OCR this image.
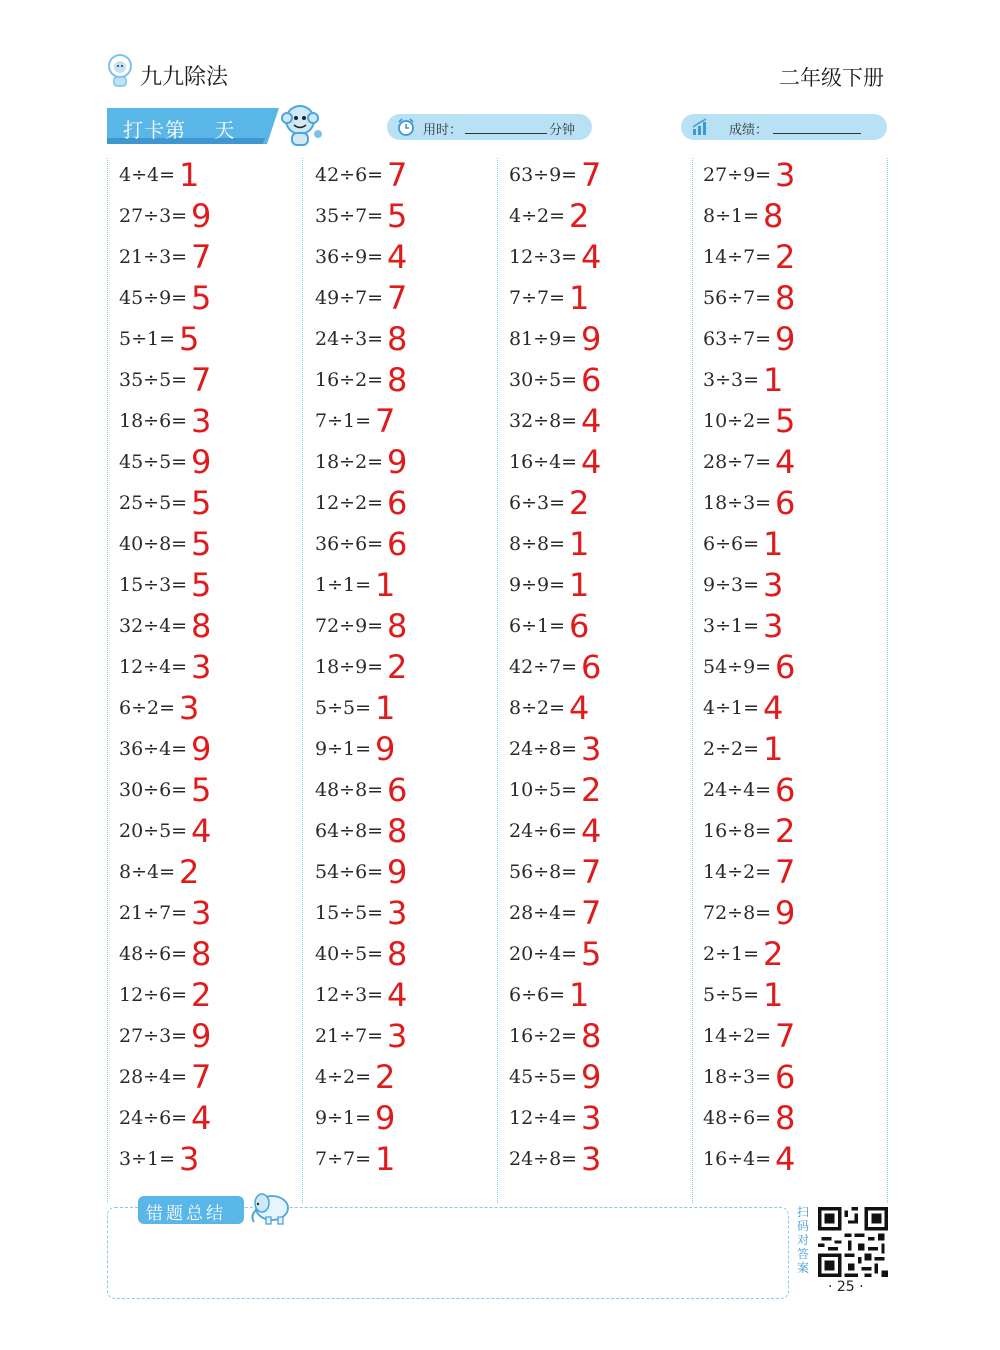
九九除法	二年级下册
打卡第　 天	用时：	分钟	成绩：
4÷4= 1
27÷3= 9
21÷3= 7
45÷9= 5
5÷1= 5
35÷5= 7
18÷6= 3
45÷5= 9
25÷5= 5
40÷8= 5
15÷3= 5
32÷4= 8
12÷4= 3
6÷2= 3
36÷4= 9
30÷6= 5
20÷5= 4
8÷4= 2
21÷7= 3
48÷6= 8
12÷6= 2
27÷3= 9
28÷4= 7
24÷6= 4
3÷1= 3
42÷6= 7
35÷7= 5
36÷9= 4
49÷7= 7
24÷3= 8
16÷2= 8
7÷1= 7
18÷2= 9
12÷2= 6
36÷6= 6
1÷1= 1
72÷9= 8
18÷9= 2
5÷5= 1
9÷1= 9
48÷8= 6
64÷8= 8
54÷6= 9
15÷5= 3
40÷5= 8
12÷3= 4
21÷7= 3
4÷2= 2
9÷1= 9
7÷7= 1
63÷9= 7
4÷2= 2
12÷3= 4
7÷7= 1
81÷9= 9
30÷5= 6
32÷8= 4
16÷4= 4
6÷3= 2
8÷8= 1
9÷9= 1
6÷1= 6
42÷7= 6
8÷2= 4
24÷8= 3
10÷5= 2
24÷6= 4
56÷8= 7
28÷4= 7
20÷4= 5
6÷6= 1
16÷2= 8
45÷5= 9
12÷4= 3
24÷8= 3
27÷9= 3
8÷1= 8
14÷7= 2
56÷7= 8
63÷7= 9
3÷3= 1
10÷2= 5
28÷7= 4
18÷3= 6
6÷6= 1
9÷3= 3
3÷1= 3
54÷9= 6
4÷1= 4
2÷2= 1
24÷4= 6
16÷8= 2
14÷2= 7
72÷8= 9
2÷1= 2
5÷5= 1
14÷2= 7
18÷3= 6
48÷6= 8
16÷4= 4
错题总结	扫码对答案
· 25 ·
